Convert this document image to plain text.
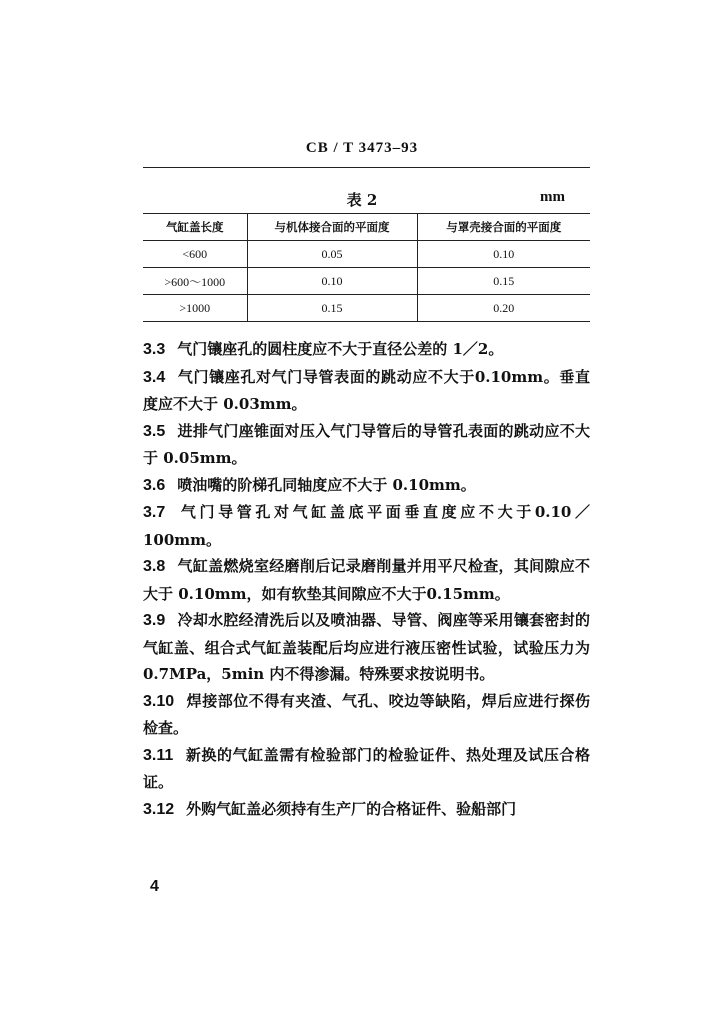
CB / T 3473–93
表 2	mm
气缸盖长度	与机体接合面的平面度	与罩壳接合面的平面度
<600	0.05	0.10
>600～1000	0.10	0.15
>1000	0.15	0.20
3.3 气门镶座孔的圆柱度应不大于直径公差的 1／2。
3.4 气门镶座孔对气门导管表面的跳动应不大于0.10mm。垂直度应不大于 0.03mm。
3.5 进排气门座锥面对压入气门导管后的导管孔表面的跳动应不大于 0.05mm。
3.6 喷油嘴的阶梯孔同轴度应不大于 0.10mm。
3.7 气门导管孔对气缸盖底平面垂直度应不大于0.10／100mm。
3.8 气缸盖燃烧室经磨削后记录磨削量并用平尺检查，其间隙应不大于 0.10mm，如有软垫其间隙应不大于0.15mm。
3.9 冷却水腔经清洗后以及喷油器、导管、阀座等采用镶套密封的气缸盖、组合式气缸盖装配后均应进行液压密性试验，试验压力为 0.7MPa，5min 内不得渗漏。特殊要求按说明书。
3.10 焊接部位不得有夹渣、气孔、咬边等缺陷，焊后应进行探伤检查。
3.11 新换的气缸盖需有检验部门的检验证件、热处理及试压合格证。
3.12 外购气缸盖必须持有生产厂的合格证件、验船部门
4
